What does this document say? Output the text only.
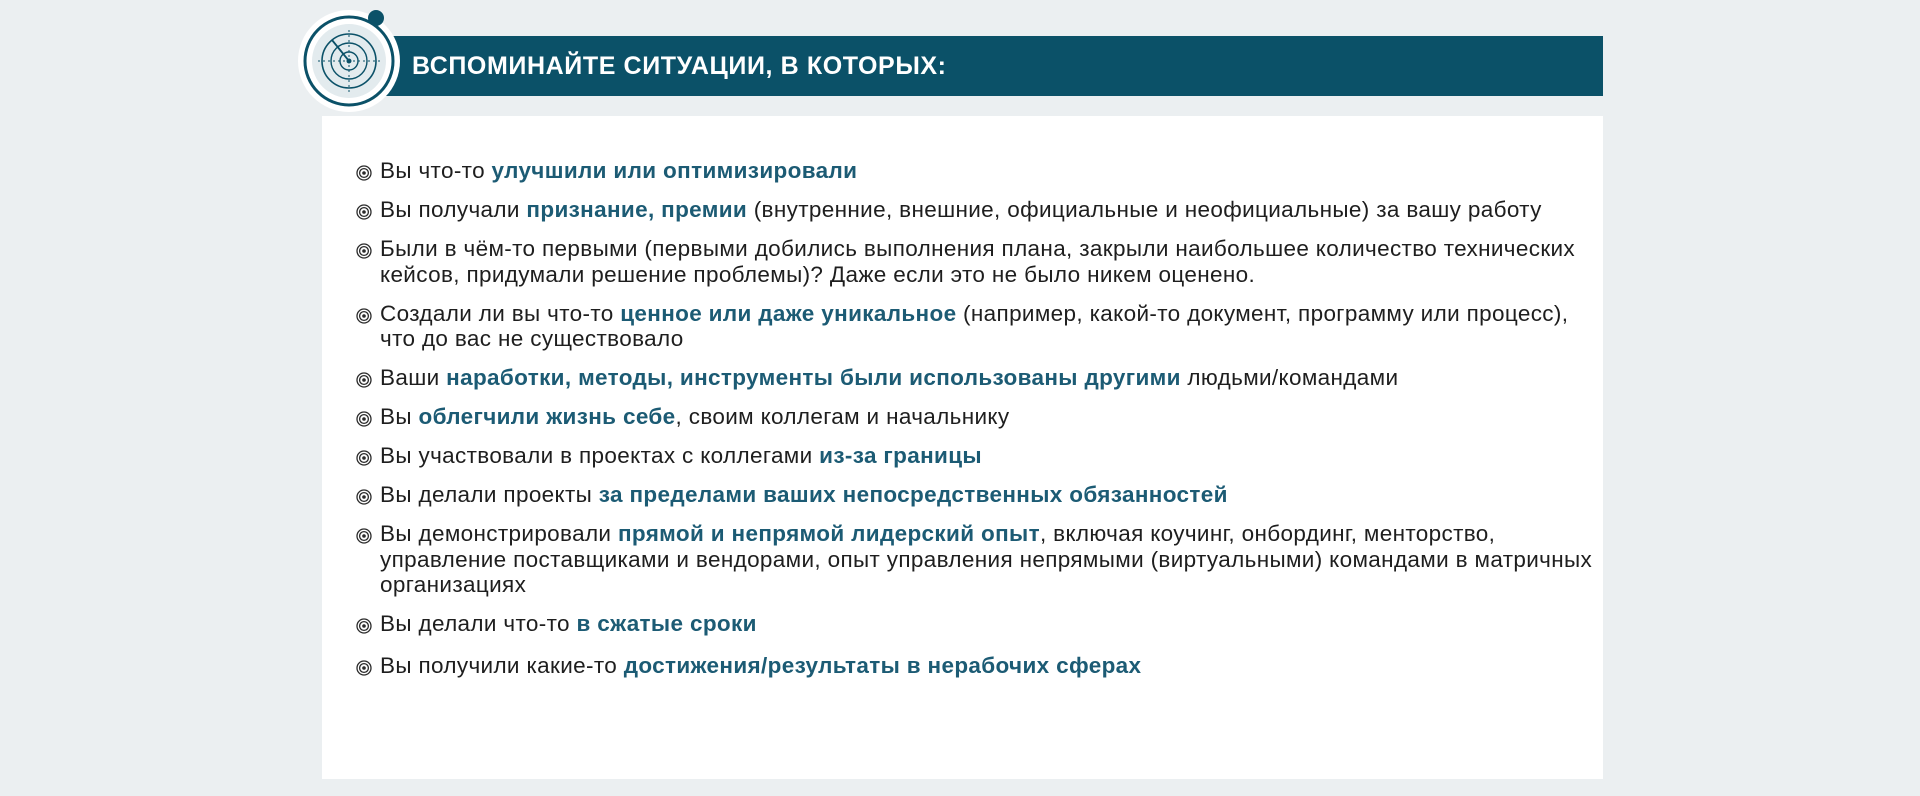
ВСПОМИНАЙТЕ СИТУАЦИИ, В КОТОРЫХ:
Вы что-то улучшили или оптимизировали
Вы получали признание, премии (внутренние, внешние, официальные и неофициальные) за вашу работу
Были в чём-то первыми (первыми добились выполнения плана, закрыли наибольшее количество технических кейсов, придумали решение проблемы)? Даже если это не было никем оценено.
Создали ли вы что-то ценное или даже уникальное (например, какой-то документ, программу или процесс), что до вас не существовало
Ваши наработки, методы, инструменты были использованы другими людьми/командами
Вы облегчили жизнь себе, своим коллегам и начальнику
Вы участвовали в проектах с коллегами из-за границы
Вы делали проекты за пределами ваших непосредственных обязанностей
Вы демонстрировали прямой и непрямой лидерский опыт, включая коучинг, онбординг, менторство, управление поставщиками и вендорами, опыт управления непрямыми (виртуальными) командами в матричных организациях
Вы делали что-то в сжатые сроки
Вы получили какие-то достижения/результаты в нерабочих сферах
